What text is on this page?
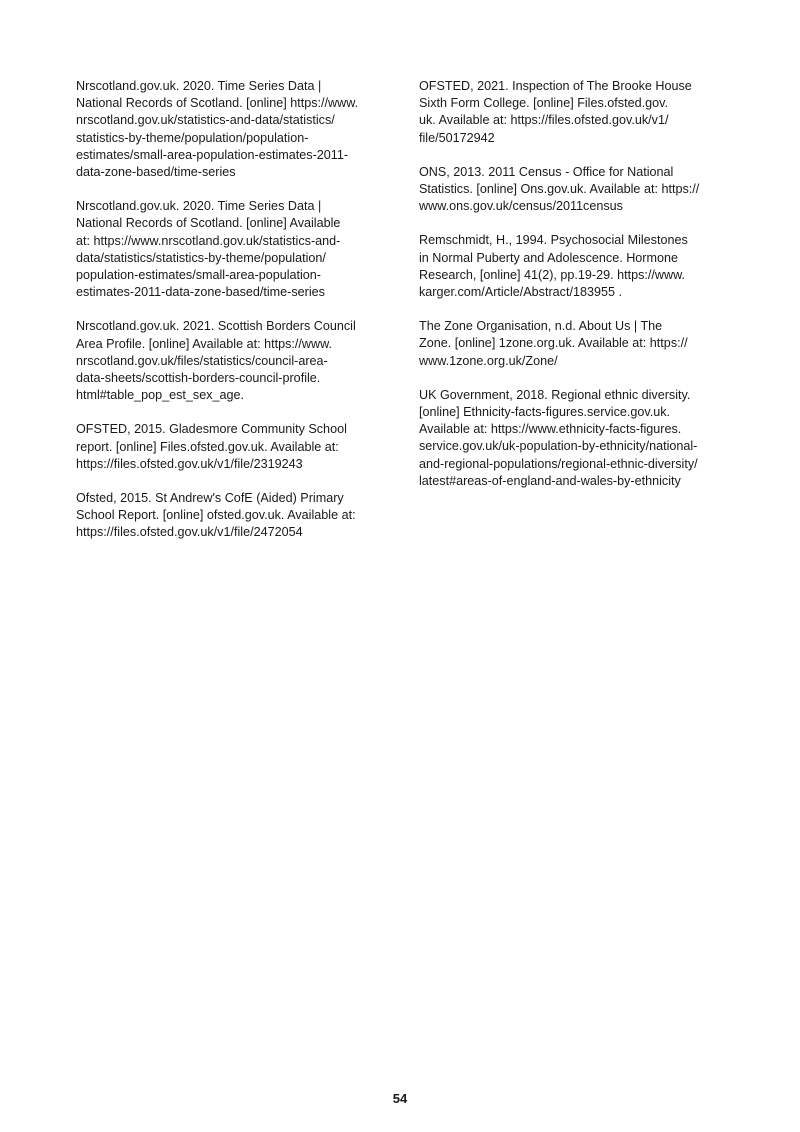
Nrscotland.gov.uk. 2020. Time Series Data |
National Records of Scotland. [online] https://www.
nrscotland.gov.uk/statistics-and-data/statistics/
statistics-by-theme/population/population-
estimates/small-area-population-estimates-2011-
data-zone-based/time-series

Nrscotland.gov.uk. 2020. Time Series Data |
National Records of Scotland. [online] Available
at: https://www.nrscotland.gov.uk/statistics-and-
data/statistics/statistics-by-theme/population/
population-estimates/small-area-population-
estimates-2011-data-zone-based/time-series

Nrscotland.gov.uk. 2021. Scottish Borders Council
Area Profile. [online] Available at: https://www.
nrscotland.gov.uk/files/statistics/council-area-
data-sheets/scottish-borders-council-profile.
html#table_pop_est_sex_age.

OFSTED, 2015. Gladesmore Community School
report. [online] Files.ofsted.gov.uk. Available at:
https://files.ofsted.gov.uk/v1/file/2319243

Ofsted, 2015. St Andrew's CofE (Aided) Primary
School Report. [online] ofsted.gov.uk. Available at:
https://files.ofsted.gov.uk/v1/file/2472054

OFSTED, 2021. Inspection of The Brooke House
Sixth Form College. [online] Files.ofsted.gov.
uk. Available at: https://files.ofsted.gov.uk/v1/
file/50172942

ONS, 2013. 2011 Census - Office for National
Statistics. [online] Ons.gov.uk. Available at: https://
www.ons.gov.uk/census/2011census

Remschmidt, H., 1994. Psychosocial Milestones
in Normal Puberty and Adolescence. Hormone
Research, [online] 41(2), pp.19-29. https://www.
karger.com/Article/Abstract/183955 .

The Zone Organisation, n.d. About Us | The
Zone. [online] 1zone.org.uk. Available at: https://
www.1zone.org.uk/Zone/

UK Government, 2018. Regional ethnic diversity.
[online] Ethnicity-facts-figures.service.gov.uk.
Available at: https://www.ethnicity-facts-figures.
service.gov.uk/uk-population-by-ethnicity/national-
and-regional-populations/regional-ethnic-diversity/
latest#areas-of-england-and-wales-by-ethnicity

54
